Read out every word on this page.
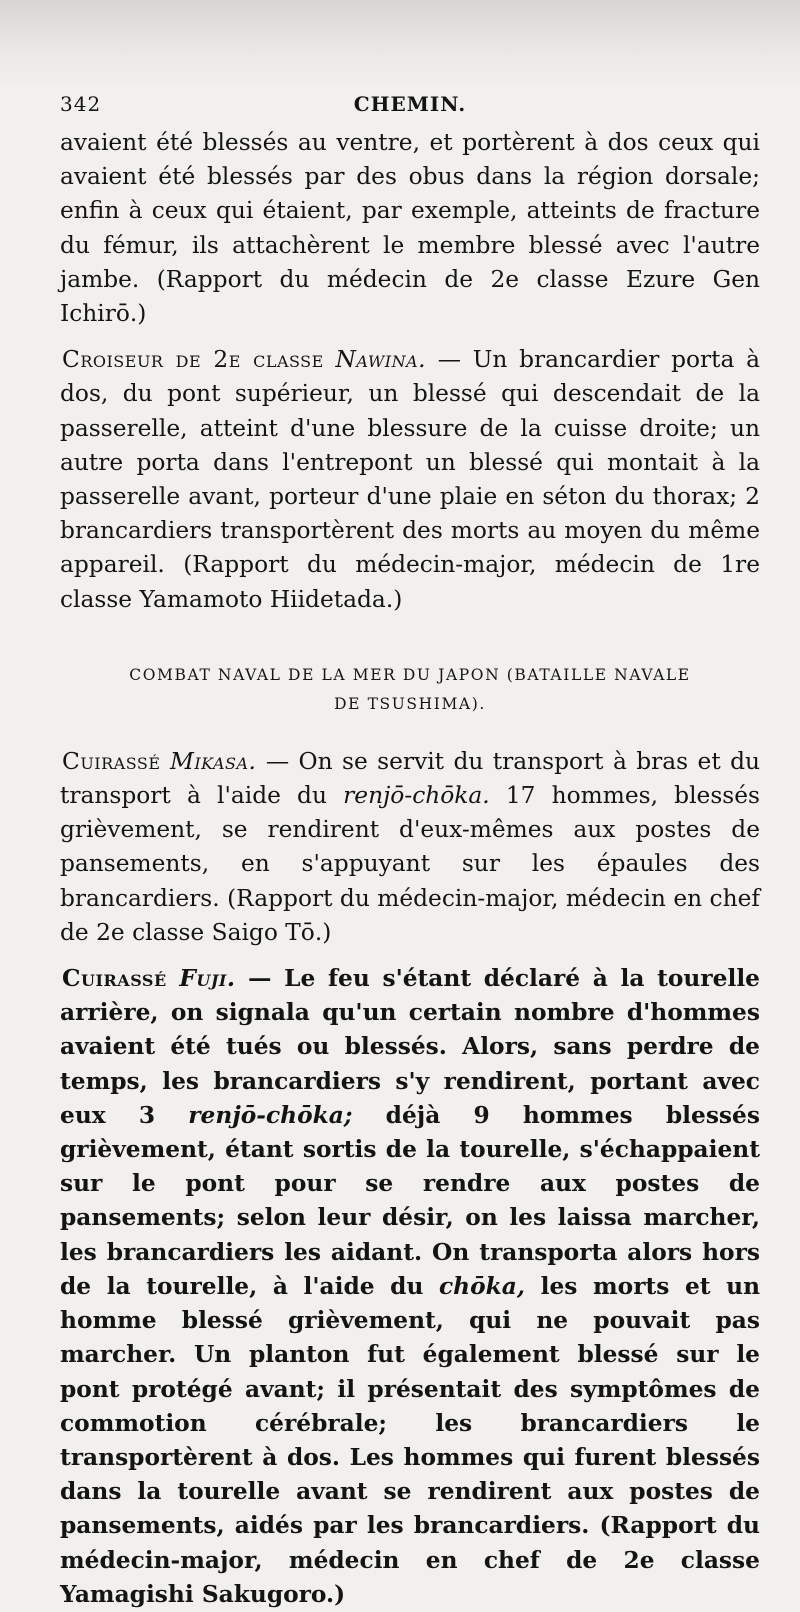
342	CHEMIN.

avaient été blessés au ventre, et portèrent à dos ceux qui avaient été blessés par des obus dans la région dorsale; enfin à ceux qui étaient, par exemple, atteints de fracture du fémur, ils attachèrent le membre blessé avec l'autre jambe. (Rapport du médecin de 2e classe Ezure Gen Ichirō.)

Croiseur de 2e classe Nawina. — Un brancardier porta à dos, du pont supérieur, un blessé qui descendait de la passerelle, atteint d'une blessure de la cuisse droite; un autre porta dans l'entrepont un blessé qui montait à la passerelle avant, porteur d'une plaie en séton du thorax; 2 brancardiers transportèrent des morts au moyen du même appareil. (Rapport du médecin-major, médecin de 1re classe Yamamoto Hiidetada.)

COMBAT NAVAL DE LA MER DU JAPON (BATAILLE NAVALE
DE TSUSHIMA).

Cuirassé Mikasa. — On se servit du transport à bras et du transport à l'aide du renjō-chōka. 17 hommes, blessés grièvement, se rendirent d'eux-mêmes aux postes de pansements, en s'appuyant sur les épaules des brancardiers. (Rapport du médecin-major, médecin en chef de 2e classe Saigo Tō.)

Cuirassé Fuji. — Le feu s'étant déclaré à la tourelle arrière, on signala qu'un certain nombre d'hommes avaient été tués ou blessés. Alors, sans perdre de temps, les brancardiers s'y rendirent, portant avec eux 3 renjō-chōka; déjà 9 hommes blessés grièvement, étant sortis de la tourelle, s'échappaient sur le pont pour se rendre aux postes de pansements; selon leur désir, on les laissa marcher, les brancardiers les aidant. On transporta alors hors de la tourelle, à l'aide du chōka, les morts et un homme blessé grièvement, qui ne pouvait pas marcher. Un planton fut également blessé sur le pont protégé avant; il présentait des symptômes de commotion cérébrale; les brancardiers le transportèrent à dos. Les hommes qui furent blessés dans la tourelle avant se rendirent aux postes de pansements, aidés par les brancardiers. (Rapport du médecin-major, médecin en chef de 2e classe Yamagishi Sakugoro.)
